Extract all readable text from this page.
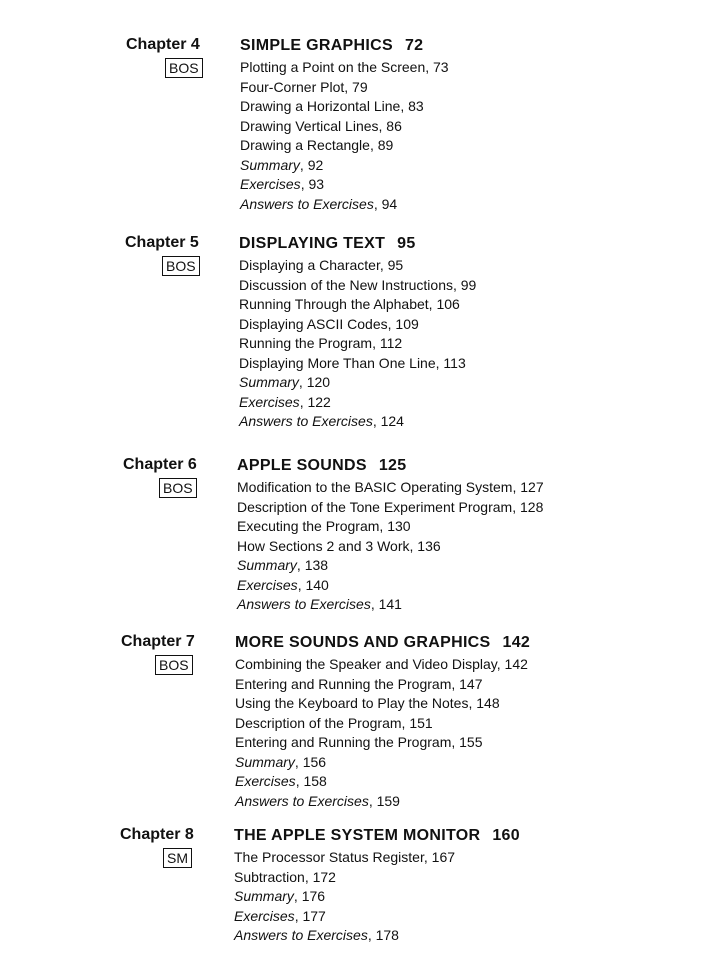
Chapter 4
BOS
SIMPLE GRAPHICS 72
Plotting a Point on the Screen, 73
Four-Corner Plot, 79
Drawing a Horizontal Line, 83
Drawing Vertical Lines, 86
Drawing a Rectangle, 89
Summary, 92
Exercises, 93
Answers to Exercises, 94
Chapter 5
BOS
DISPLAYING TEXT 95
Displaying a Character, 95
Discussion of the New Instructions, 99
Running Through the Alphabet, 106
Displaying ASCII Codes, 109
Running the Program, 112
Displaying More Than One Line, 113
Summary, 120
Exercises, 122
Answers to Exercises, 124
Chapter 6
BOS
APPLE SOUNDS 125
Modification to the BASIC Operating System, 127
Description of the Tone Experiment Program, 128
Executing the Program, 130
How Sections 2 and 3 Work, 136
Summary, 138
Exercises, 140
Answers to Exercises, 141
Chapter 7
BOS
MORE SOUNDS AND GRAPHICS 142
Combining the Speaker and Video Display, 142
Entering and Running the Program, 147
Using the Keyboard to Play the Notes, 148
Description of the Program, 151
Entering and Running the Program, 155
Summary, 156
Exercises, 158
Answers to Exercises, 159
Chapter 8
SM
THE APPLE SYSTEM MONITOR 160
The Processor Status Register, 167
Subtraction, 172
Summary, 176
Exercises, 177
Answers to Exercises, 178
